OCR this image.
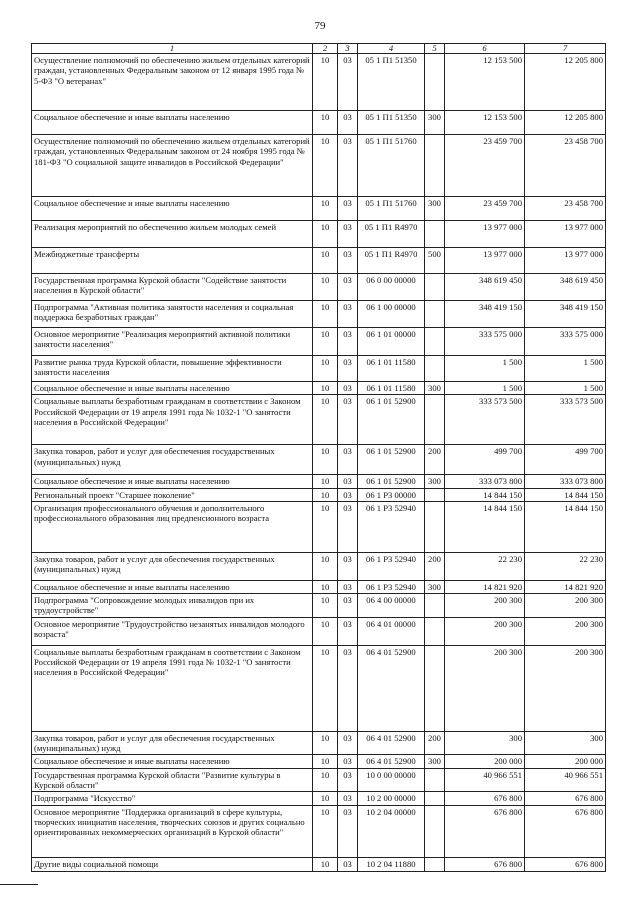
79
1	2	3	4	5	6	7
Осуществление полномочий по обеспечению жильем отдельных категорий граждан, установленных Федеральным законом от 12 января 1995 года № 5-ФЗ "О ветеранах"	10	03	05 1 П1 51350		12 153 500	12 205 800
Социальное обеспечение и иные выплаты населению	10	03	05 1 П1 51350	300	12 153 500	12 205 800
Осуществление полномочий по обеспечению жильем отдельных категорий граждан, установленных Федеральным законом от 24 ноября 1995 года № 181-ФЗ "О социальной защите инвалидов в Российской Федерации"	10	03	05 1 П1 51760		23 459 700	23 458 700
Социальное обеспечение и иные выплаты населению	10	03	05 1 П1 51760	300	23 459 700	23 458 700
Реализация мероприятий по обеспечению жильем молодых семей	10	03	05 1 П1 R4970		13 977 000	13 977 000
Межбюджетные трансферты	10	03	05 1 П1 R4970	500	13 977 000	13 977 000
Государственная программа Курской области "Содействие занятости населения в Курской области"	10	03	06 0 00 00000		348 619 450	348 619 450
Подпрограмма "Активная политика занятости населения и социальная поддержка безработных граждан"	10	03	06 1 00 00000		348 419 150	348 419 150
Основное мероприятие "Реализация мероприятий активной политики занятости населения"	10	03	06 1 01 00000		333 575 000	333 575 000
Развитие рынка труда Курской области, повышение эффективности занятости населения	10	03	06 1 01 11580		1 500	1 500
Социальное обеспечение и иные выплаты населению	10	03	06 1 01 11580	300	1 500	1 500
Социальные выплаты безработным гражданам в соответствии с Законом Российской Федерации от 19 апреля 1991 года № 1032-1 "О занятости населения в Российской Федерации"	10	03	06 1 01 52900		333 573 500	333 573 500
Закупка товаров, работ и услуг для обеспечения государственных (муниципальных) нужд	10	03	06 1 01 52900	200	499 700	499 700
Социальное обеспечение и иные выплаты населению	10	03	06 1 01 52900	300	333 073 800	333 073 800
Региональный проект "Старшее поколение"	10	03	06 1 P3 00000		14 844 150	14 844 150
Организация профессионального обучения и дополнительного профессионального образования лиц предпенсионного возраста	10	03	06 1 P3 52940		14 844 150	14 844 150
Закупка товаров, работ и услуг для обеспечения государственных (муниципальных) нужд	10	03	06 1 P3 52940	200	22 230	22 230
Социальное обеспечение и иные выплаты населению	10	03	06 1 P3 52940	300	14 821 920	14 821 920
Подпрограмма "Сопровождение молодых инвалидов при их трудоустройстве"	10	03	06 4 00 00000		200 300	200 300
Основное мероприятие "Трудоустройство незанятых инвалидов молодого возраста"	10	03	06 4 01 00000		200 300	200 300
Социальные выплаты безработным гражданам в соответствии с Законом Российской Федерации от 19 апреля 1991 года № 1032-1 "О занятости населения в Российской Федерации"	10	03	06 4 01 52900		200 300	200 300
Закупка товаров, работ и услуг для обеспечения государственных (муниципальных) нужд	10	03	06 4 01 52900	200	300	300
Социальное обеспечение и иные выплаты населению	10	03	06 4 01 52900	300	200 000	200 000
Государственная программа Курской области "Развитие культуры в Курской области"	10	03	10 0 00 00000		40 966 551	40 966 551
Подпрограмма "Искусство"	10	03	10 2 00 00000		676 800	676 800
Основное мероприятие "Поддержка организаций в сфере культуры, творческих инициатив населения, творческих союзов и других социально ориентированных некоммерческих организаций в Курской области"	10	03	10 2 04 00000		676 800	676 800
Другие виды социальной помощи	10	03	10 2 04 11880		676 800	676 800
